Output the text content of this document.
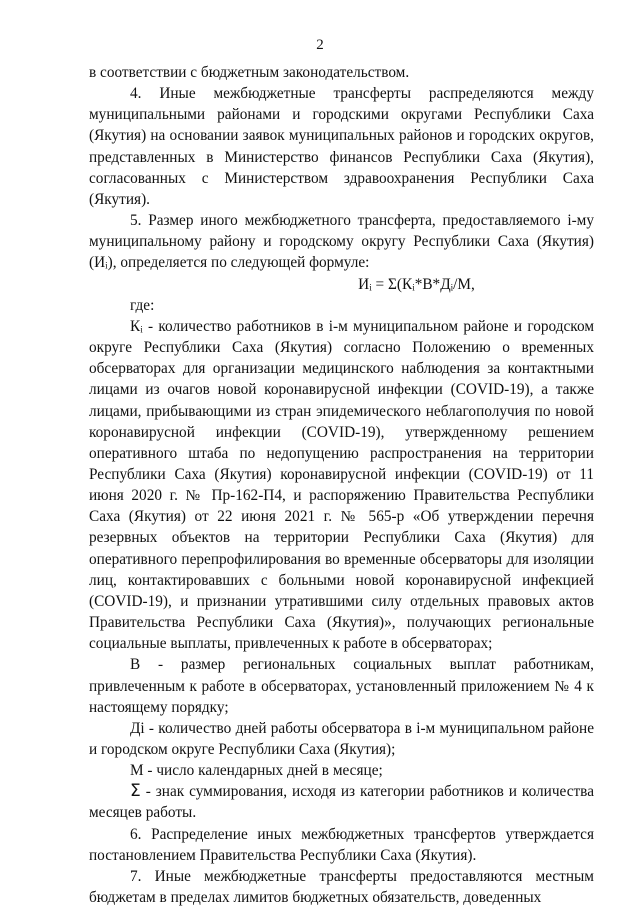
2

в соответствии с бюджетным законодательством.

4. Иные межбюджетные трансферты распределяются между муниципальными районами и городскими округами Республики Саха (Якутия) на основании заявок муниципальных районов и городских округов, представленных в Министерство финансов Республики Саха (Якутия), согласованных с Министерством здравоохранения Республики Саха (Якутия).

5. Размер иного межбюджетного трансферта, предоставляемого i-му муниципальному району и городскому округу Республики Саха (Якутия) (Иᵢ), определяется по следующей формуле:

Иᵢ = Σ(Кᵢ*В*Дᵢ/М,

где:

Кᵢ - количество работников в i-м муниципальном районе и городском округе Республики Саха (Якутия) согласно Положению о временных обсерваторах для организации медицинского наблюдения за контактными лицами из очагов новой коронавирусной инфекции (COVID-19), а также лицами, прибывающими из стран эпидемического неблагополучия по новой коронавирусной инфекции (COVID-19), утвержденному решением оперативного штаба по недопущению распространения на территории Республики Саха (Якутия) коронавирусной инфекции (COVID-19) от 11 июня 2020 г. № Пр-162-П4, и распоряжению Правительства Республики Саха (Якутия) от 22 июня 2021 г. № 565-р «Об утверждении перечня резервных объектов на территории Республики Саха (Якутия) для оперативного перепрофилирования во временные обсерваторы для изоляции лиц, контактировавших с больными новой коронавирусной инфекцией (COVID-19), и признании утратившими силу отдельных правовых актов Правительства Республики Саха (Якутия)», получающих региональные социальные выплаты, привлеченных к работе в обсерваторах;

В - размер региональных социальных выплат работникам, привлеченным к работе в обсерваторах, установленный приложением № 4 к настоящему порядку;

Дi - количество дней работы обсерватора в i-м муниципальном районе и городском округе Республики Саха (Якутия);

М - число календарных дней в месяце;

Σ - знак суммирования, исходя из категории работников и количества месяцев работы.

6. Распределение иных межбюджетных трансфертов утверждается постановлением Правительства Республики Саха (Якутия).

7. Иные межбюджетные трансферты предоставляются местным бюджетам в пределах лимитов бюджетных обязательств, доведенных
